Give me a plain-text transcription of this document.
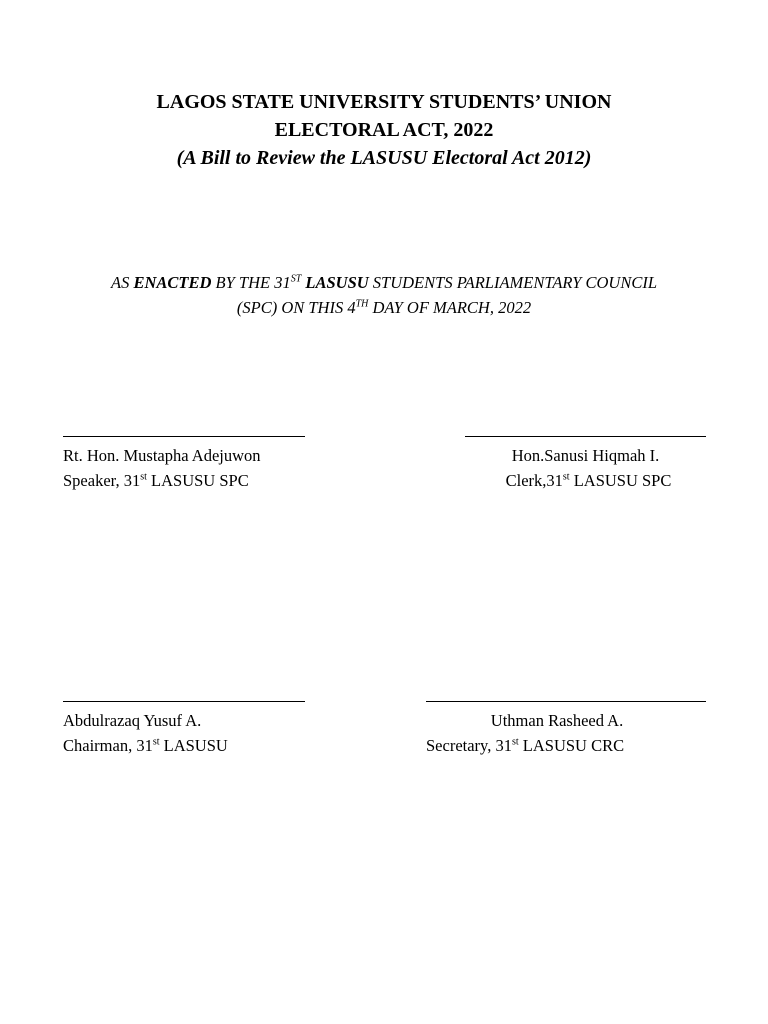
LAGOS STATE UNIVERSITY STUDENTS’ UNION

ELECTORAL ACT, 2022

(A Bill to Review the LASUSU Electoral Act 2012)

AS ENACTED BY THE 31ST LASUSU STUDENTS PARLIAMENTARY COUNCIL

(SPC) ON THIS 4TH DAY OF MARCH, 2022

Rt. Hon. Mustapha Adejuwon

Speaker, 31st LASUSU SPC

Hon.Sanusi Hiqmah I.

Clerk,31st LASUSU SPC

Abdulrazaq Yusuf A.

Chairman, 31st LASUSU

Uthman Rasheed A.

Secretary, 31st LASUSU CRC
